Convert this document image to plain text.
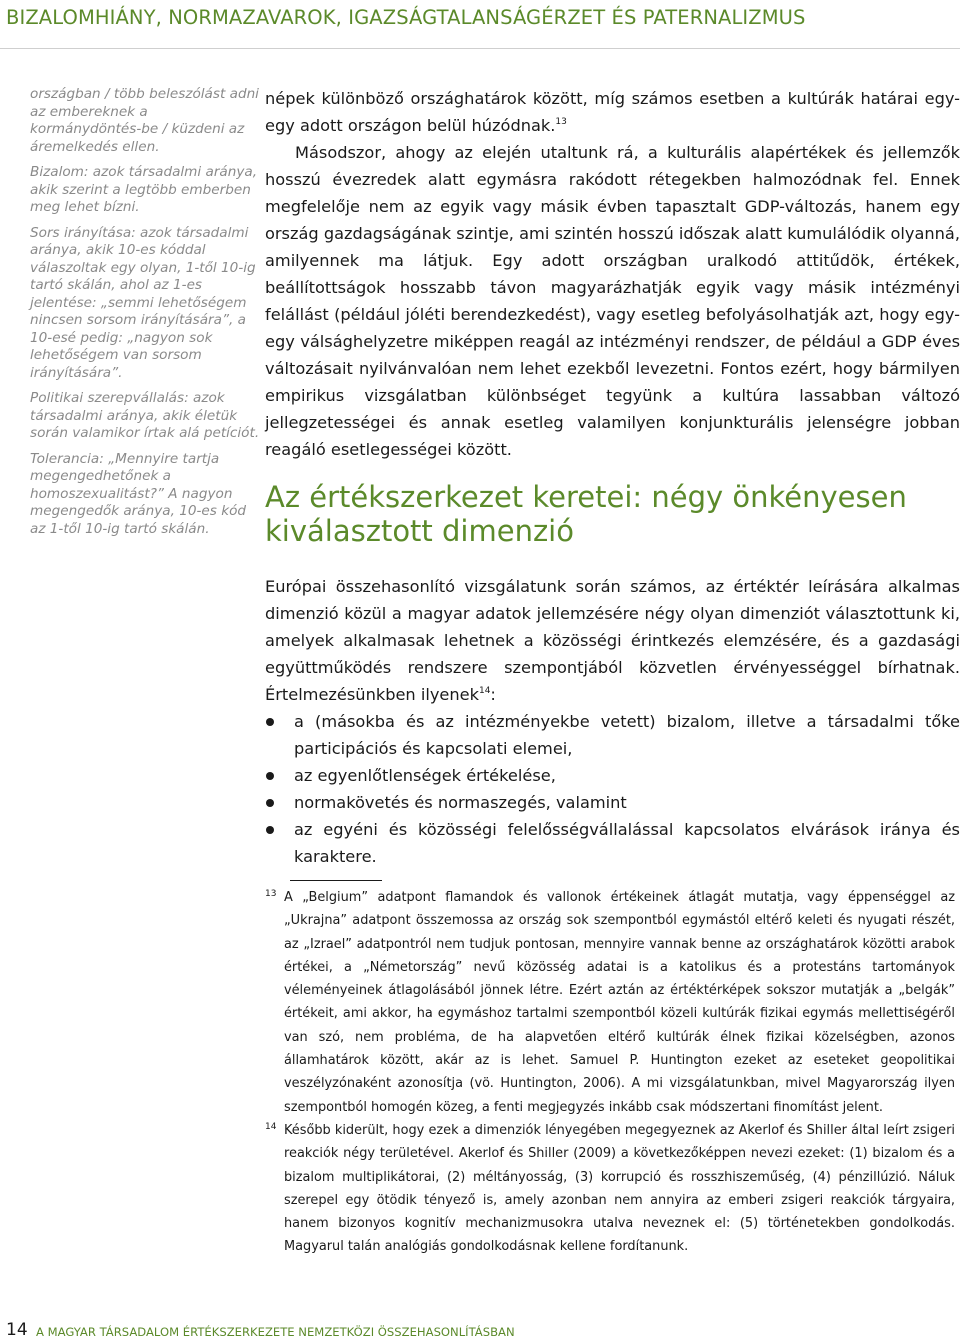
BIZALOMHIÁNY, NORMAZAVAROK, IGAZSÁGTALANSÁGÉRZET ÉS PATERNALIZMUS

országban / több beleszólást adni az embereknek a kormánydöntés-be / küzdeni az áremelkedés ellen.

Bizalom: azok társadalmi aránya, akik szerint a legtöbb emberben meg lehet bízni.

Sors irányítása: azok társadalmi aránya, akik 10-es kóddal válaszoltak egy olyan, 1-től 10-ig tartó skálán, ahol az 1-es jelentése: „semmi lehetőségem nincsen sorsom irányítására”, a 10-esé pedig: „nagyon sok lehetőségem van sorsom irányítására”.

Politikai szerepvállalás: azok társadalmi aránya, akik életük során valamikor írtak alá petíciót.

Tolerancia: „Mennyire tartja megengedhetőnek a homoszexualitást?” A nagyon megengedők aránya, 10-es kód az 1-től 10-ig tartó skálán.

népek különböző országhatárok között, míg számos esetben a kultúrák határai egy-egy adott országon belül húzódnak.$^{13}$

Másodszor, ahogy az elején utaltunk rá, a kulturális alapértékek és jellemzők hosszú évezredek alatt egymásra rakódott rétegekben halmozódnak fel. Ennek megfelelője nem az egyik vagy másik évben tapasztalt GDP-változás, hanem egy ország gazdagságának szintje, ami szintén hosszú időszak alatt kumulálódik olyanná, amilyennek ma látjuk. Egy adott országban uralkodó attitűdök, értékek, beállítottságok hosszabb távon magyarázhatják egyik vagy másik intézményi felállást (például jóléti berendezkedést), vagy esetleg befolyásolhatják azt, hogy egy-egy válsághelyzetre miképpen reagál az intézményi rendszer, de például a GDP éves változásait nyilvánvalóan nem lehet ezekből levezetni. Fontos ezért, hogy bármilyen empirikus vizsgálatban különbséget tegyünk a kultúra lassabban változó jellegzetességei és annak esetleg valamilyen konjunkturális jelenségre jobban reagáló esetlegességei között.

Az értékszerkezet keretei: négy önkényesen kiválasztott dimenzió

Európai összehasonlító vizsgálatunk során számos, az értéktér leírására alkalmas dimenzió közül a magyar adatok jellemzésére négy olyan dimenziót választottunk ki, amelyek alkalmasak lehetnek a közösségi érintkezés elemzésére, és a gazdasági együttműködés rendszere szempontjából közvetlen érvényességgel bírhatnak. Értelmezésünkben ilyenek$^{14}$:

a (másokba és az intézményekbe vetett) bizalom, illetve a társadalmi tőke participációs és kapcsolati elemei,
az egyenlőtlenségek értékelése,
normakövetés és normaszegés, valamint
az egyéni és közösségi felelősségvállalással kapcsolatos elvárások iránya és karaktere.

13 A „Belgium” adatpont flamandok és vallonok értékeinek átlagát mutatja, vagy éppenséggel az „Ukrajna” adatpont összemossa az ország sok szempontból egymástól eltérő keleti és nyugati részét, az „Izrael” adatpontról nem tudjuk pontosan, mennyire vannak benne az országhatárok közötti arabok értékei, a „Németország” nevű közösség adatai is a katolikus és a protestáns tartományok véleményeinek átlagolásából jönnek létre. Ezért aztán az értéktérképek sokszor mutatják a „belgák” értékeit, ami akkor, ha egymáshoz tartalmi szempontból közeli kultúrák fizikai egymás mellettiségéről van szó, nem probléma, de ha alapvetően eltérő kultúrák élnek fizikai közelségben, azonos államhatárok között, akár az is lehet. Samuel P. Huntington ezeket az eseteket geopolitikai veszélyzónaként azonosítja (vö. Huntington, 2006). A mi vizsgálatunkban, mivel Magyarország ilyen szempontból homogén közeg, a fenti megjegyzés inkább csak módszertani finomítást jelent.

14 Később kiderült, hogy ezek a dimenziók lényegében megegyeznek az Akerlof és Shiller által leírt zsigeri reakciók négy területével. Akerlof és Shiller (2009) a következőképpen nevezi ezeket: (1) bizalom és a bizalom multiplikátorai, (2) méltányosság, (3) korrupció és rosszhiszeműség, (4) pénzillúzió. Náluk szerepel egy ötödik tényező is, amely azonban nem annyira az emberi zsigeri reakciók tárgyaira, hanem bizonyos kognitív mechanizmusokra utalva neveznek el: (5) történetekben gondolkodás. Magyarul talán analógiás gondolkodásnak kellene fordítanunk.

14 A MAGYAR TÁRSADALOM ÉRTÉKSZERKEZETE NEMZETKÖZI ÖSSZEHASONLÍTÁSBAN
